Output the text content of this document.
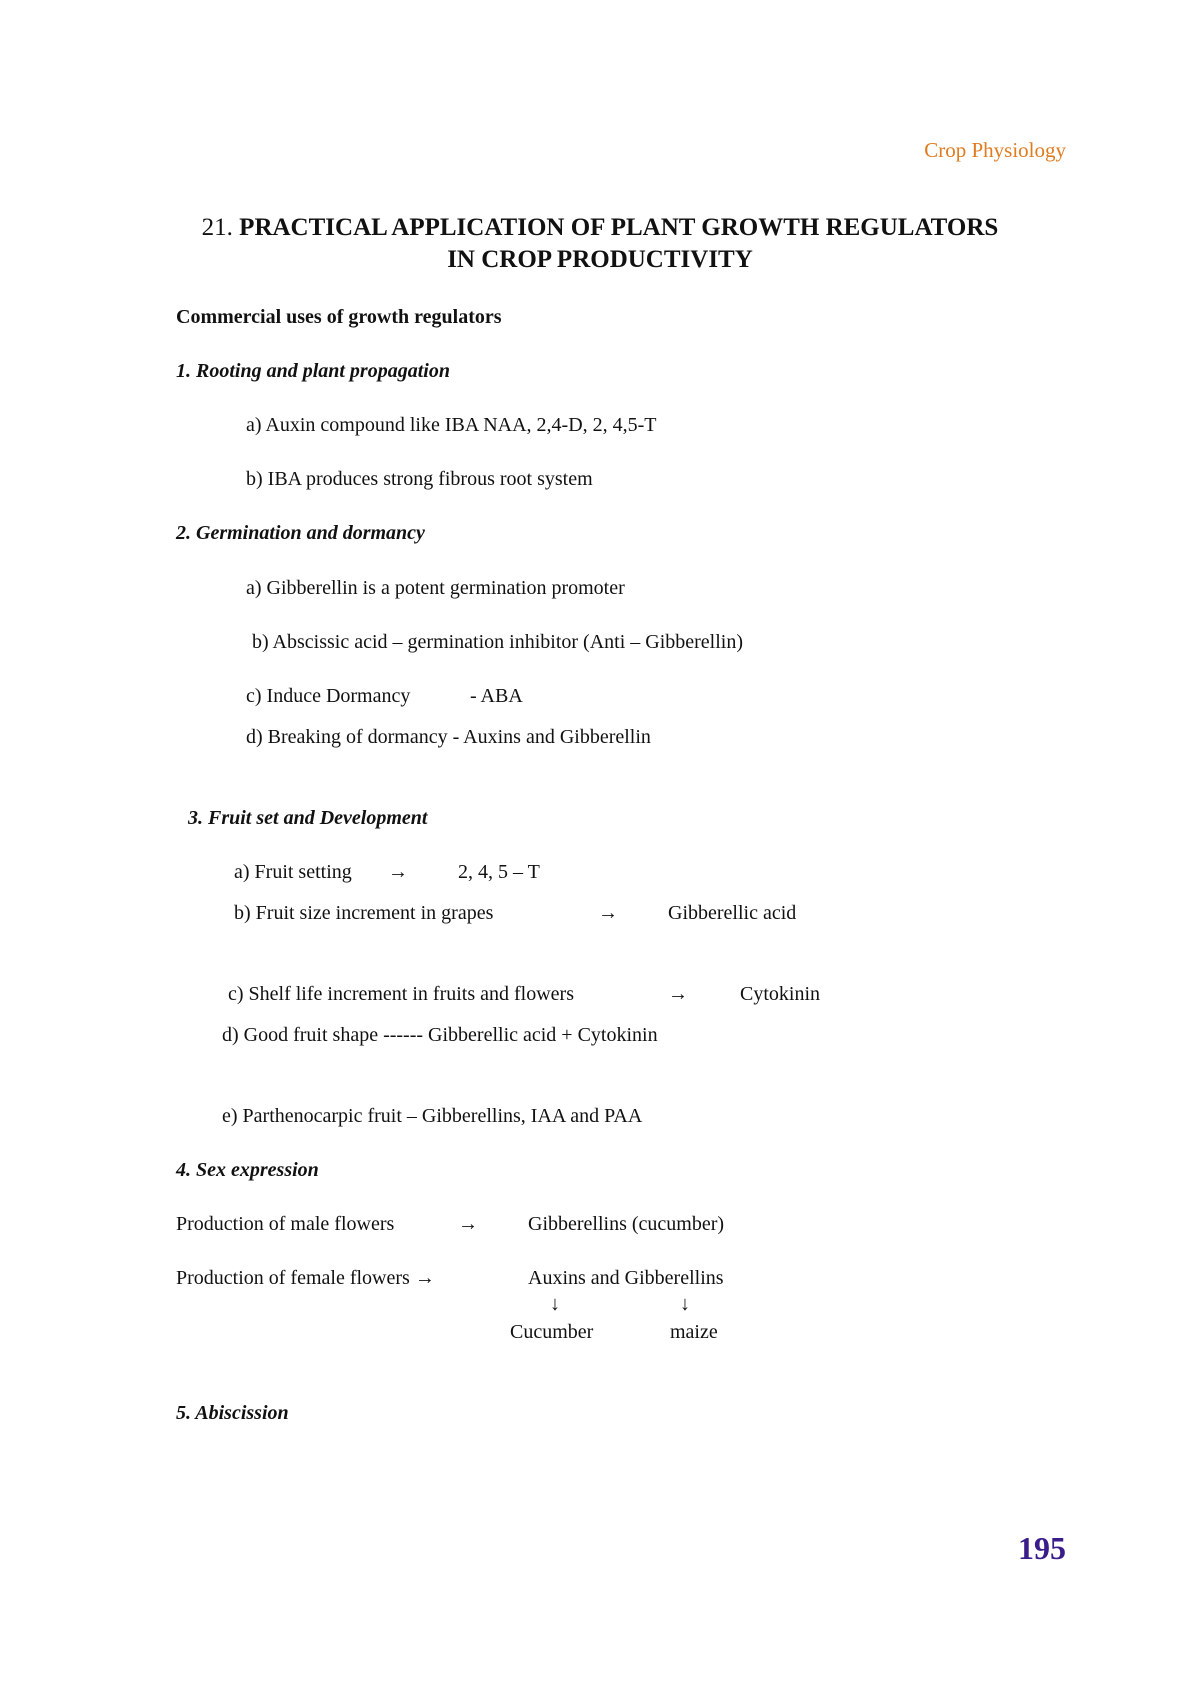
Crop Physiology
21. PRACTICAL APPLICATION OF PLANT GROWTH REGULATORS
IN CROP PRODUCTIVITY
Commercial uses of growth regulators
1. Rooting and plant propagation
a) Auxin compound like IBA NAA, 2,4-D, 2, 4,5-T
b) IBA produces strong fibrous root system
2. Germination and dormancy
a) Gibberellin is a potent germination promoter
b) Abscissic acid – germination inhibitor (Anti – Gibberellin)
c) Induce Dormancy	- ABA
d) Breaking of dormancy - Auxins and Gibberellin
3. Fruit set and Development
a) Fruit setting →	2, 4, 5 – T
b) Fruit size increment in grapes	→	Gibberellic acid
c) Shelf life increment in fruits and flowers	→	Cytokinin
d) Good fruit shape ------ Gibberellic acid + Cytokinin
e) Parthenocarpic fruit – Gibberellins, IAA and PAA
4. Sex expression
Production of male flowers	→	Gibberellins (cucumber)
Production of female flowers →	Auxins and Gibberellins
↓	↓
Cucumber	maize
5. Abiscission
195
